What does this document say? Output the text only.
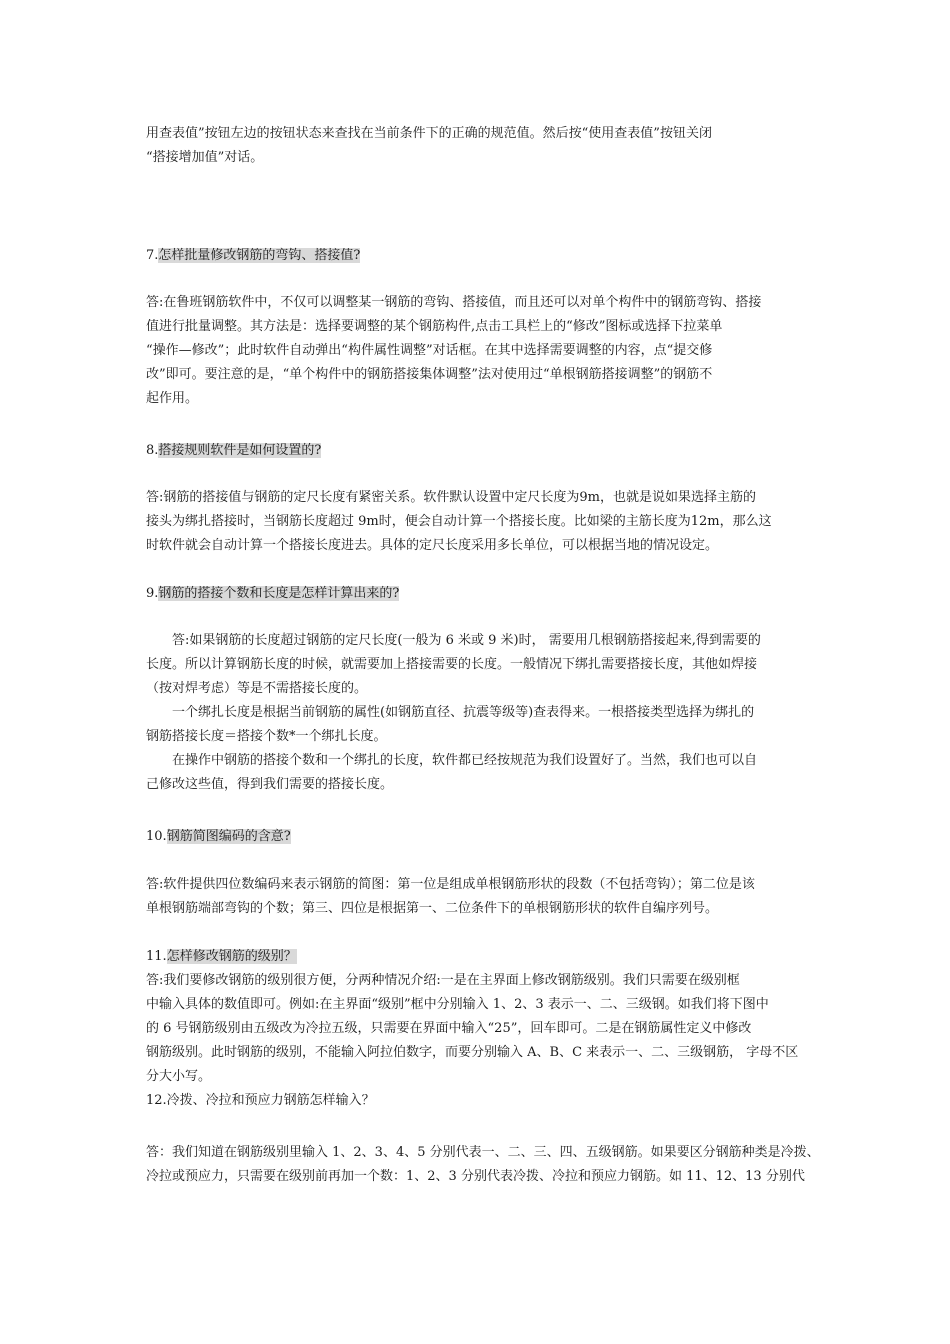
用查表值”按钮左边的按钮状态来查找在当前条件下的正确的规范值。然后按“使用查表值”按钮关闭
“搭接增加值”对话。
7.怎样批量修改钢筋的弯钩、搭接值?
答:在鲁班钢筋软件中，不仅可以调整某一钢筋的弯钩、搭接值，而且还可以对单个构件中的钢筋弯钩、搭接
值进行批量调整。其方法是：选择要调整的某个钢筋构件,点击工具栏上的“修改”图标或选择下拉菜单
“操作—修改”；此时软件自动弹出“构件属性调整”对话框。在其中选择需要调整的内容，点“提交修
改”即可。要注意的是，“单个构件中的钢筋搭接集体调整”法对使用过“单根钢筋搭接调整”的钢筋不
起作用。
8.搭接规则软件是如何设置的?
答:钢筋的搭接值与钢筋的定尺长度有紧密关系。软件默认设置中定尺长度为9m，也就是说如果选择主筋的
接头为绑扎搭接时，当钢筋长度超过 9m时，便会自动计算一个搭接长度。比如梁的主筋长度为12m，那么这
时软件就会自动计算一个搭接长度进去。具体的定尺长度采用多长单位，可以根据当地的情况设定。
9.钢筋的搭接个数和长度是怎样计算出来的?
答:如果钢筋的长度超过钢筋的定尺长度(一般为 6 米或 9 米)时， 需要用几根钢筋搭接起来,得到需要的
长度。所以计算钢筋长度的时候，就需要加上搭接需要的长度。一般情况下绑扎需要搭接长度，其他如焊接
（按对焊考虑）等是不需搭接长度的。
一个绑扎长度是根据当前钢筋的属性(如钢筋直径、抗震等级等)查表得来。一根搭接类型选择为绑扎的
钢筋搭接长度＝搭接个数*一个绑扎长度。
在操作中钢筋的搭接个数和一个绑扎的长度，软件都已经按规范为我们设置好了。当然，我们也可以自
己修改这些值，得到我们需要的搭接长度。
10.钢筋简图编码的含意?
答:软件提供四位数编码来表示钢筋的简图：第一位是组成单根钢筋形状的段数（不包括弯钩）；第二位是该
单根钢筋端部弯钩的个数；第三、四位是根据第一、二位条件下的单根钢筋形状的软件自编序列号。
11.怎样修改钢筋的级别？
答:我们要修改钢筋的级别很方便，分两种情况介绍:一是在主界面上修改钢筋级别。我们只需要在级别框
中输入具体的数值即可。例如:在主界面“级别”框中分别输入 1、2、3 表示一、二、三级钢。如我们将下图中
的 6 号钢筋级别由五级改为冷拉五级，只需要在界面中输入“25”，回车即可。二是在钢筋属性定义中修改
钢筋级别。此时钢筋的级别，不能输入阿拉伯数字，而要分别输入 A、B、C 来表示一、二、三级钢筋， 字母不区
分大小写。
12.冷拨、冷拉和预应力钢筋怎样输入？
答：我们知道在钢筋级别里输入 1、2、3、4、5 分别代表一、二、三、四、五级钢筋。如果要区分钢筋种类是冷拨、
冷拉或预应力，只需要在级别前再加一个数：1、2、3 分别代表冷拨、冷拉和预应力钢筋。如 11、12、13 分别代
